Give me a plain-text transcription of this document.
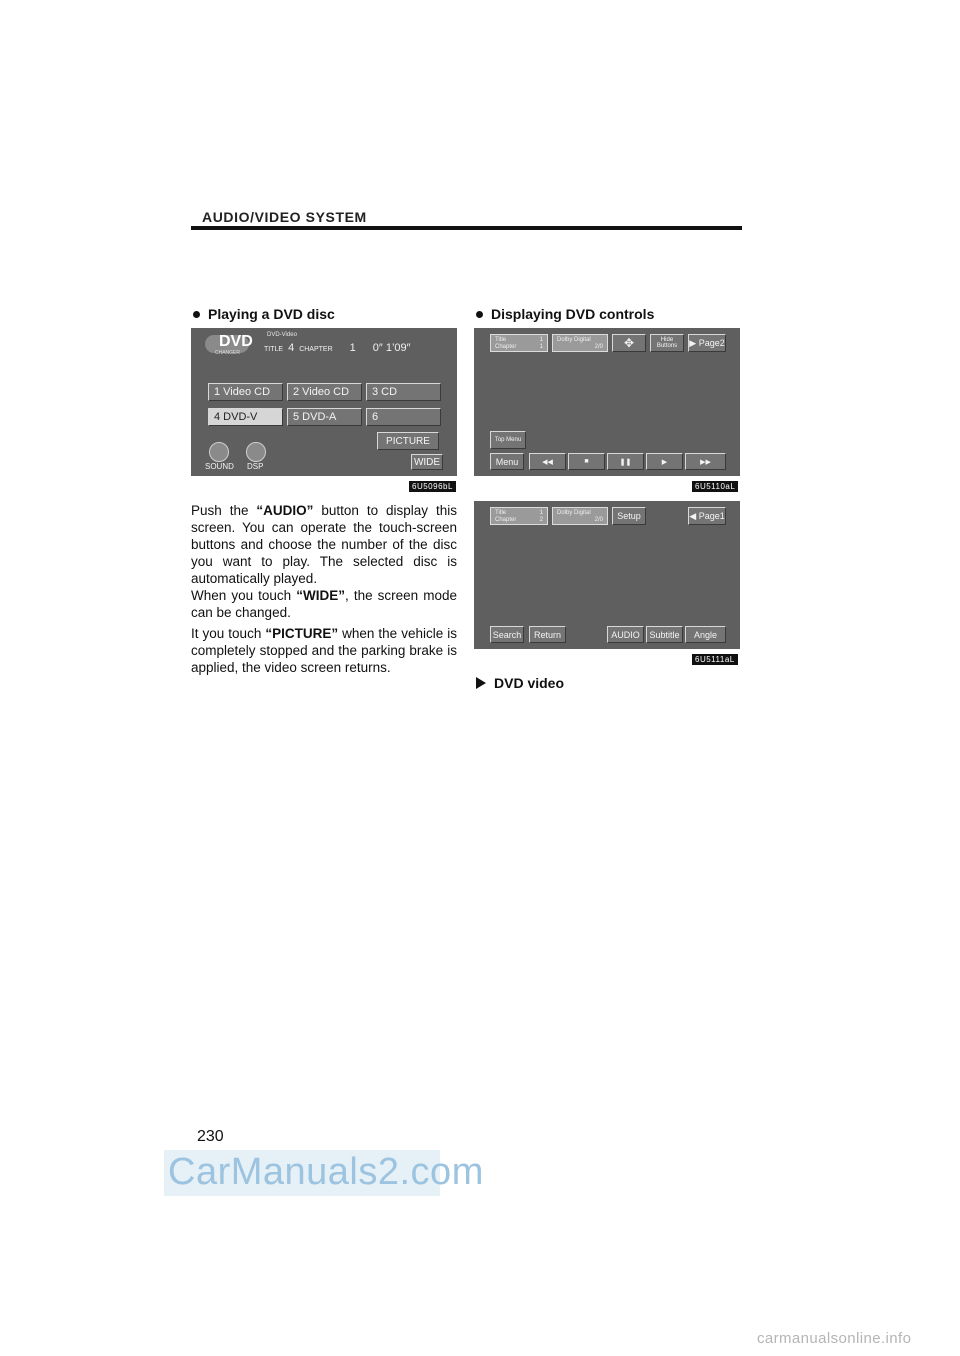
AUDIO/VIDEO SYSTEM
Playing a DVD disc
DVD
CHANGER
DVD-Video
TITLE 4 CHAPTER 1 0″ 1’09″
1 Video CD	2 Video CD	3 CD
4 DVD-V	5 DVD-A	6
PICTURE
WIDE
SOUND DSP
6U5096bL
Push the “AUDIO” button to display this screen. You can operate the touch-screen buttons and choose the number of the disc you want to play. The selected disc is automatically played.
When you touch “WIDE”, the screen mode can be changed.
It you touch “PICTURE” when the vehicle is completely stopped and the parking brake is applied, the video screen returns.
Displaying DVD controls
Title	1
Chapter	1
Dolby Digital
2/0 ✥	Hide Buttons	▶ Page2
Top Menu
Menu	◀◀	■	❚❚	▶	▶▶
6U5110aL
Title	1
Chapter	2
Dolby Digital
2/0	Setup	◀ Page1
Search	Return	AUDIO	Subtitle	Angle
6U5111aL
DVD video
230
CarManuals2.com
carmanualsonline.info
